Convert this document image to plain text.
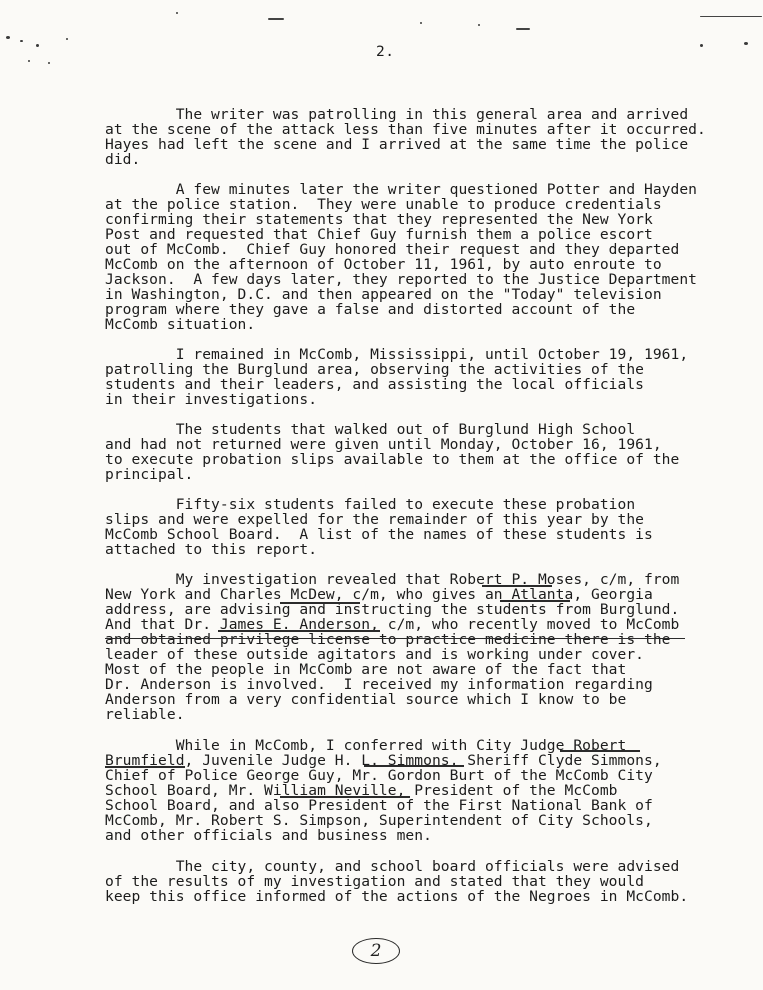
2.
The writer was patrolling in this general area and arrived
at the scene of the attack less than five minutes after it occurred.
Hayes had left the scene and I arrived at the same time the police
did.
A few minutes later the writer questioned Potter and Hayden
at the police station.  They were unable to produce credentials
confirming their statements that they represented the New York
Post and requested that Chief Guy furnish them a police escort
out of McComb.  Chief Guy honored their request and they departed
McComb on the afternoon of October 11, 1961, by auto enroute to
Jackson.  A few days later, they reported to the Justice Department
in Washington, D.C. and then appeared on the "Today" television
program where they gave a false and distorted account of the
McComb situation.
I remained in McComb, Mississippi, until October 19, 1961,
patrolling the Burglund area, observing the activities of the
students and their leaders, and assisting the local officials
in their investigations.
The students that walked out of Burglund High School
and had not returned were given until Monday, October 16, 1961,
to execute probation slips available to them at the office of the
principal.
Fifty-six students failed to execute these probation
slips and were expelled for the remainder of this year by the
McComb School Board.  A list of the names of these students is
attached to this report.
My investigation revealed that Robert P. Moses, c/m, from
New York and Charles McDew, c/m, who gives an Atlanta, Georgia
address, are advising and instructing the students from Burglund.
And that Dr. James E. Anderson, c/m, who recently moved to McComb
and obtained privilege license to practice medicine there is the
leader of these outside agitators and is working under cover.
Most of the people in McComb are not aware of the fact that
Dr. Anderson is involved.  I received my information regarding
Anderson from a very confidential source which I know to be
reliable.
While in McComb, I conferred with City Judge Robert
Brumfield, Juvenile Judge H. L. Simmons, Sheriff Clyde Simmons,
Chief of Police George Guy, Mr. Gordon Burt of the McComb City
School Board, Mr. William Neville, President of the McComb
School Board, and also President of the First National Bank of
McComb, Mr. Robert S. Simpson, Superintendent of City Schools,
and other officials and business men.
The city, county, and school board officials were advised
of the results of my investigation and stated that they would
keep this office informed of the actions of the Negroes in McComb.
2
